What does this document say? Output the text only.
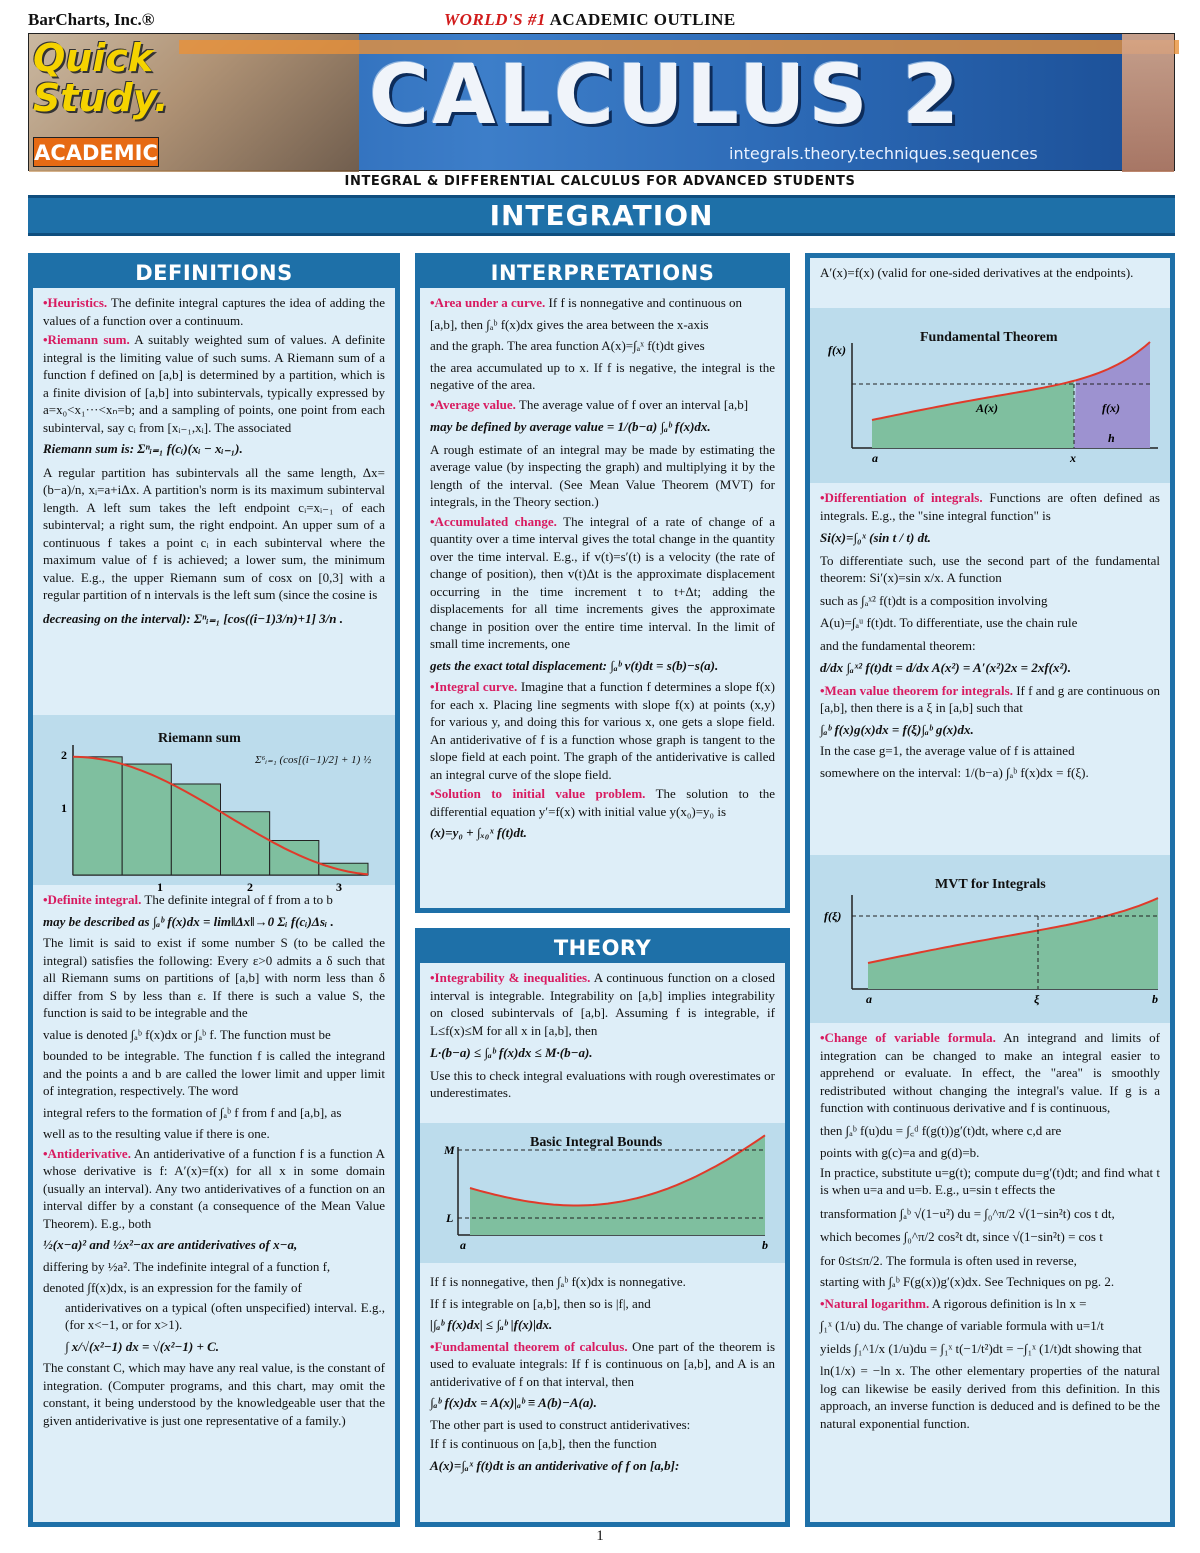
BarCharts, Inc.®	WORLD'S #1 ACADEMIC OUTLINE
Quick
Study.
ACADEMIC
CALCULUS 2
integrals.theory.techniques.sequences
INTEGRAL & DIFFERENTIAL CALCULUS FOR ADVANCED STUDENTS
INTEGRATION
DEFINITIONS

•Heuristics. The definite integral captures the idea of adding the values of a function over a continuum.

•Riemann sum. A suitably weighted sum of values. A definite integral is the limiting value of such sums. A Riemann sum of a function f defined on [a,b] is determined by a partition, which is a finite division of [a,b] into subintervals, typically expressed by a=x₀<x₁···<xₙ=b; and a sampling of points, one point from each subinterval, say cᵢ from [xᵢ₋₁,xᵢ]. The associated

Riemann sum is: Σⁿᵢ₌₁ f(cᵢ)(xᵢ − xᵢ₋₁).

A regular partition has subintervals all the same length, Δx=(b−a)/n, xᵢ=a+iΔx. A partition's norm is its maximum subinterval length. A left sum takes the left endpoint cᵢ=xᵢ₋₁ of each subinterval; a right sum, the right endpoint. An upper sum of a continuous f takes a point cᵢ in each subinterval where the maximum value of f is achieved; a lower sum, the minimum value. E.g., the upper Riemann sum of cosx on [0,3] with a regular partition of n intervals is the left sum (since the cosine is

decreasing on the interval): Σⁿᵢ₌₁ [cos((i−1)3/n)+1] 3/n .

Riemann sum
Σ⁶ᵢ₌₁ (cos[(i−1)/2] + 1) ½
2
1
1	2	3

•Definite integral. The definite integral of f from a to b

may be described as ∫ₐᵇ f(x)dx = lim‖Δx‖→0 Σᵢ f(cᵢ)Δsᵢ .

The limit is said to exist if some number S (to be called the integral) satisfies the following: Every ε>0 admits a δ such that all Riemann sums on partitions of [a,b] with norm less than δ differ from S by less than ε. If there is such a value S, the function is said to be integrable and the

value is denoted ∫ₐᵇ f(x)dx or ∫ₐᵇ f. The function must be

bounded to be integrable. The function f is called the integrand and the points a and b are called the lower limit and upper limit of integration, respectively. The word

integral refers to the formation of ∫ₐᵇ f from f and [a,b], as

well as to the resulting value if there is one.

•Antiderivative. An antiderivative of a function f is a function A whose derivative is f: A′(x)=f(x) for all x in some domain (usually an interval). Any two antiderivatives of a function on an interval differ by a constant (a consequence of the Mean Value Theorem). E.g., both

½(x−a)² and ½x²−ax are antiderivatives of x−a,

differing by ½a². The indefinite integral of a function f,

denoted ∫f(x)dx, is an expression for the family of

antiderivatives on a typical (often unspecified) interval. E.g., (for x<−1, or for x>1).

∫ x/√(x²−1) dx = √(x²−1) + C.

The constant C, which may have any real value, is the constant of integration. (Computer programs, and this chart, may omit the constant, it being understood by the knowledgeable user that the given antiderivative is just one representative of a family.)

INTERPRETATIONS

•Area under a curve. If f is nonnegative and continuous on

[a,b], then ∫ₐᵇ f(x)dx gives the area between the x-axis

and the graph. The area function A(x)=∫ₐˣ f(t)dt gives

the area accumulated up to x. If f is negative, the integral is the negative of the area.

•Average value. The average value of f over an interval [a,b]

may be defined by average value = 1/(b−a) ∫ₐᵇ f(x)dx.

A rough estimate of an integral may be made by estimating the average value (by inspecting the graph) and multiplying it by the length of the interval. (See Mean Value Theorem (MVT) for integrals, in the Theory section.)

•Accumulated change. The integral of a rate of change of a quantity over a time interval gives the total change in the quantity over the time interval. E.g., if v(t)=s′(t) is a velocity (the rate of change of position), then v(t)Δt is the approximate displacement occurring in the time increment t to t+Δt; adding the displacements for all time increments gives the approximate change in position over the entire time interval. In the limit of small time increments, one

gets the exact total displacement: ∫ₐᵇ v(t)dt = s(b)−s(a).

•Integral curve. Imagine that a function f determines a slope f(x) for each x. Placing line segments with slope f(x) at points (x,y) for various y, and doing this for various x, one gets a slope field. An antiderivative of f is a function whose graph is tangent to the slope field at each point. The graph of the antiderivative is called an integral curve of the slope field.

•Solution to initial value problem. The solution to the differential equation y′=f(x) with initial value y(x₀)=y₀ is

(x)=y₀ + ∫ₓ₀ˣ f(t)dt.

THEORY

•Integrability & inequalities. A continuous function on a closed interval is integrable. Integrability on [a,b] implies integrability on closed subintervals of [a,b]. Assuming f is integrable, if L≤f(x)≤M for all x in [a,b], then

L·(b−a) ≤ ∫ₐᵇ f(x)dx ≤ M·(b−a).

Use this to check integral evaluations with rough overestimates or underestimates.

Basic Integral Bounds
M
L
a	b

If f is nonnegative, then ∫ₐᵇ f(x)dx is nonnegative.

If f is integrable on [a,b], then so is |f|, and

|∫ₐᵇ f(x)dx| ≤ ∫ₐᵇ |f(x)|dx.

•Fundamental theorem of calculus. One part of the theorem is used to evaluate integrals: If f is continuous on [a,b], and A is an antiderivative of f on that interval, then

∫ₐᵇ f(x)dx = A(x)|ₐᵇ ≡ A(b)−A(a).

The other part is used to construct antiderivatives:

If f is continuous on [a,b], then the function

A(x)=∫ₐˣ f(t)dt is an antiderivative of f on [a,b]:

A′(x)=f(x) (valid for one-sided derivatives at the endpoints).

Fundamental Theorem
f(x)
A(x)	f(x)
h
a	x

•Differentiation of integrals. Functions are often defined as integrals. E.g., the "sine integral function" is

Si(x)=∫₀ˣ (sin t / t) dt.

To differentiate such, use the second part of the fundamental theorem: Si′(x)=sin x/x. A function

such as ∫ₐˣ² f(t)dt is a composition involving

A(u)=∫ₐᵘ f(t)dt. To differentiate, use the chain rule

and the fundamental theorem:

d/dx ∫ₐˣ² f(t)dt = d/dx A(x²) = A′(x²)2x = 2xf(x²).

•Mean value theorem for integrals. If f and g are continuous on [a,b], then there is a ξ in [a,b] such that

∫ₐᵇ f(x)g(x)dx = f(ξ)∫ₐᵇ g(x)dx.

In the case g=1, the average value of f is attained

somewhere on the interval: 1/(b−a) ∫ₐᵇ f(x)dx = f(ξ).

MVT for Integrals
f(ξ)
a	ξ	b

•Change of variable formula. An integrand and limits of integration can be changed to make an integral easier to apprehend or evaluate. In effect, the "area" is smoothly redistributed without changing the integral's value. If g is a function with continuous derivative and f is continuous,

then ∫ₐᵇ f(u)du = ∫꜀ᵈ f(g(t))g′(t)dt, where c,d are

points with g(c)=a and g(d)=b.

In practice, substitute u=g(t); compute du=g′(t)dt; and find what t is when u=a and u=b. E.g., u=sin t effects the

transformation ∫ₐᵇ √(1−u²) du = ∫₀^π/2 √(1−sin²t) cos t dt,

which becomes ∫₀^π/2 cos²t dt, since √(1−sin²t) = cos t

for 0≤t≤π/2. The formula is often used in reverse,

starting with ∫ₐᵇ F(g(x))g′(x)dx. See Techniques on pg. 2.

•Natural logarithm. A rigorous definition is ln x =

∫₁ˣ (1/u) du. The change of variable formula with u=1/t

yields ∫₁^1/x (1/u)du = ∫₁ˣ t(−1/t²)dt = −∫₁ˣ (1/t)dt showing that

ln(1/x) = −ln x. The other elementary properties of the natural log can likewise be easily derived from this definition. In this approach, an inverse function is deduced and is defined to be the natural exponential function.

1
